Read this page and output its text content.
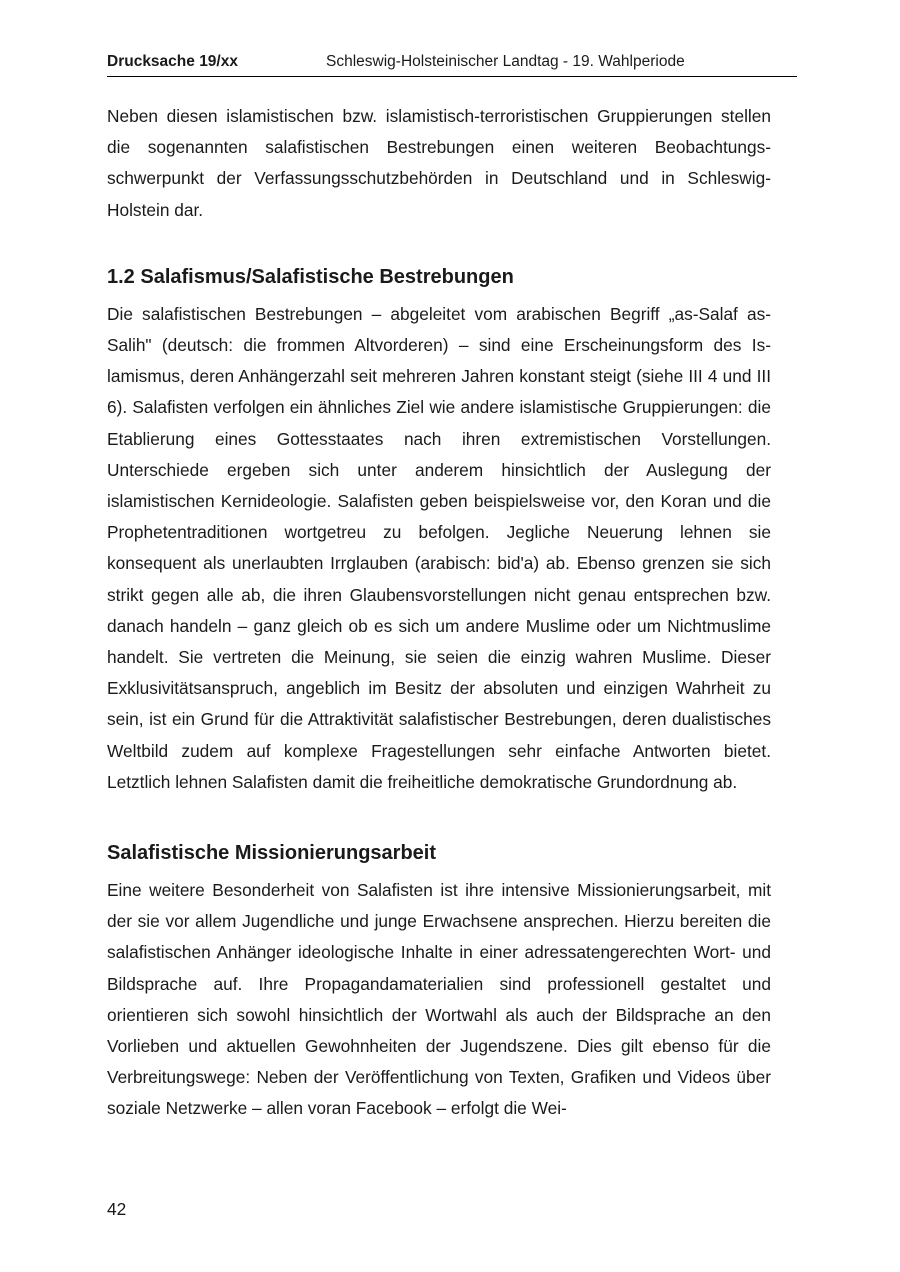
Drucksache 19/xx	Schleswig-Holsteinischer Landtag - 19. Wahlperiode

Neben diesen islamistischen bzw. islamistisch-terroristischen Gruppierungen stellen die sogenannten salafistischen Bestrebungen einen weiteren Beobachtungsschwerpunkt der Verfassungsschutzbehörden in Deutschland und in Schleswig-Holstein dar.

1.2 Salafismus/Salafistische Bestrebungen

Die salafistischen Bestrebungen – abgeleitet vom arabischen Begriff „as-Salaf as-Salih" (deutsch: die frommen Altvorderen) – sind eine Erscheinungsform des Islamismus, deren Anhängerzahl seit mehreren Jahren konstant steigt (siehe III 4 und III 6). Salafisten verfolgen ein ähnliches Ziel wie andere islamistische Gruppierungen: die Etablierung eines Gottesstaates nach ihren extremistischen Vorstellungen. Unterschiede ergeben sich unter anderem hinsichtlich der Auslegung der islamistischen Kernideologie. Salafisten geben beispielsweise vor, den Koran und die Prophetentraditionen wortgetreu zu befolgen. Jegliche Neuerung lehnen sie konsequent als unerlaubten Irrglauben (arabisch: bid'a) ab. Ebenso grenzen sie sich strikt gegen alle ab, die ihren Glaubensvorstellungen nicht genau entsprechen bzw. danach handeln – ganz gleich ob es sich um andere Muslime oder um Nichtmuslime handelt. Sie vertreten die Meinung, sie seien die einzig wahren Muslime. Dieser Exklusivitätsanspruch, angeblich im Besitz der absoluten und einzigen Wahrheit zu sein, ist ein Grund für die Attraktivität salafistischer Bestrebungen, deren dualistisches Weltbild zudem auf komplexe Fragestellungen sehr einfache Antworten bietet. Letztlich lehnen Salafisten damit die freiheitliche demokratische Grundordnung ab.

Salafistische Missionierungsarbeit

Eine weitere Besonderheit von Salafisten ist ihre intensive Missionierungsarbeit, mit der sie vor allem Jugendliche und junge Erwachsene ansprechen. Hierzu bereiten die salafistischen Anhänger ideologische Inhalte in einer adressatengerechten Wort- und Bildsprache auf. Ihre Propagandamaterialien sind professionell gestaltet und orientieren sich sowohl hinsichtlich der Wortwahl als auch der Bildsprache an den Vorlieben und aktuellen Gewohnheiten der Jugendszene. Dies gilt ebenso für die Verbreitungswege: Neben der Veröffentlichung von Texten, Grafiken und Videos über soziale Netzwerke – allen voran Facebook – erfolgt die Wei-

42
